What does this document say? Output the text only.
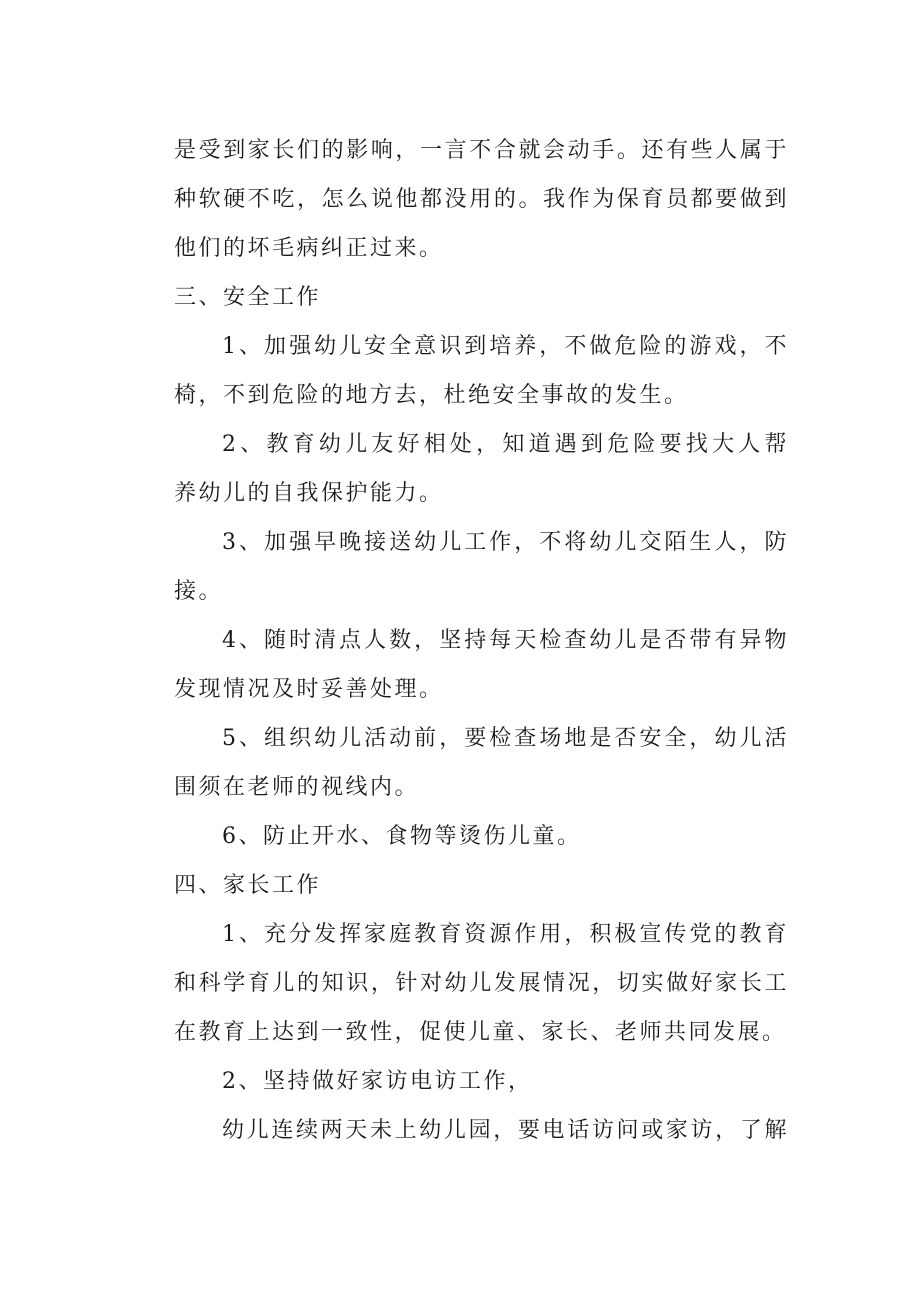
是受到家长们的影响，一言不合就会动手。还有些人属于
种软硬不吃，怎么说他都没用的。我作为保育员都要做到
他们的坏毛病纠正过来。
三、安全工作
1、加强幼儿安全意识到培养，不做危险的游戏，不
椅，不到危险的地方去，杜绝安全事故的发生。
2、教育幼儿友好相处，知道遇到危险要找大人帮
养幼儿的自我保护能力。
3、加强早晚接送幼儿工作，不将幼儿交陌生人，防
接。
4、随时清点人数，坚持每天检查幼儿是否带有异物
发现情况及时妥善处理。
5、组织幼儿活动前，要检查场地是否安全，幼儿活
围须在老师的视线内。
6、防止开水、食物等烫伤儿童。
四、家长工作
1、充分发挥家庭教育资源作用，积极宣传党的教育
和科学育儿的知识，针对幼儿发展情况，切实做好家长工
在教育上达到一致性，促使儿童、家长、老师共同发展。
2、坚持做好家访电访工作，
幼儿连续两天未上幼儿园，要电话访问或家访，了解
